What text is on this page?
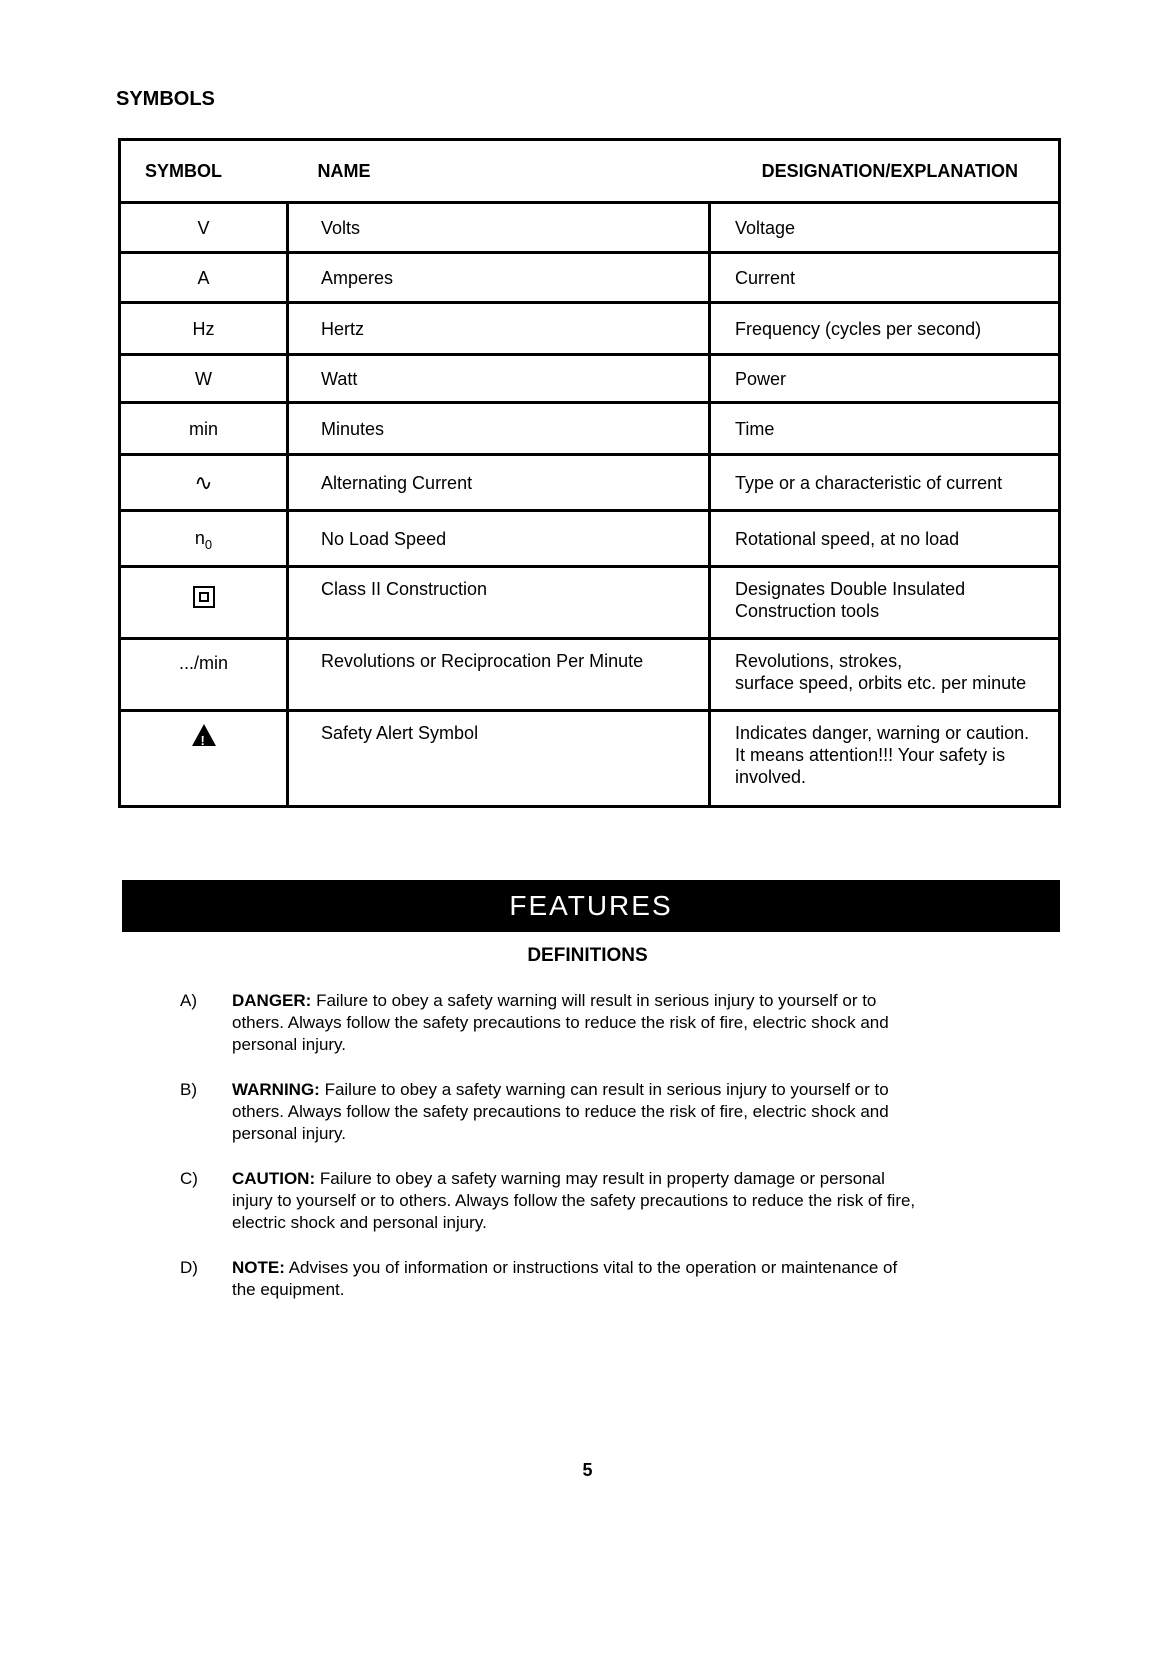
SYMBOLS
SYMBOL	NAME	DESIGNATION/EXPLANATION
V	Volts	Voltage
A	Amperes	Current
Hz	Hertz	Frequency (cycles per second)
W	Watt	Power
min	Minutes	Time
∿	Alternating Current	Type or a characteristic of current
$n_0$	No Load Speed	Rotational speed, at no load
	Class II Construction	Designates Double Insulated
Construction tools

.../min	Revolutions or Reciprocation Per Minute	Revolutions, strokes,
surface speed, orbits etc. per minute

!	Safety Alert Symbol	Indicates danger, warning or caution.
It means attention!!! Your safety is
involved.
FEATURES
DEFINITIONS
A) DANGER: Failure to obey a safety warning will result in serious injury to yourself or to
others. Always follow the safety precautions to reduce the risk of fire, electric shock and
personal injury.
B) WARNING: Failure to obey a safety warning can result in serious injury to yourself or to
others. Always follow the safety precautions to reduce the risk of fire, electric shock and
personal injury.
C) CAUTION: Failure to obey a safety warning may result in property damage or personal
injury to yourself or to others. Always follow the safety precautions to reduce the risk of fire,
electric shock and personal injury.
D) NOTE: Advises you of information or instructions vital to the operation or maintenance of
the equipment.
5
